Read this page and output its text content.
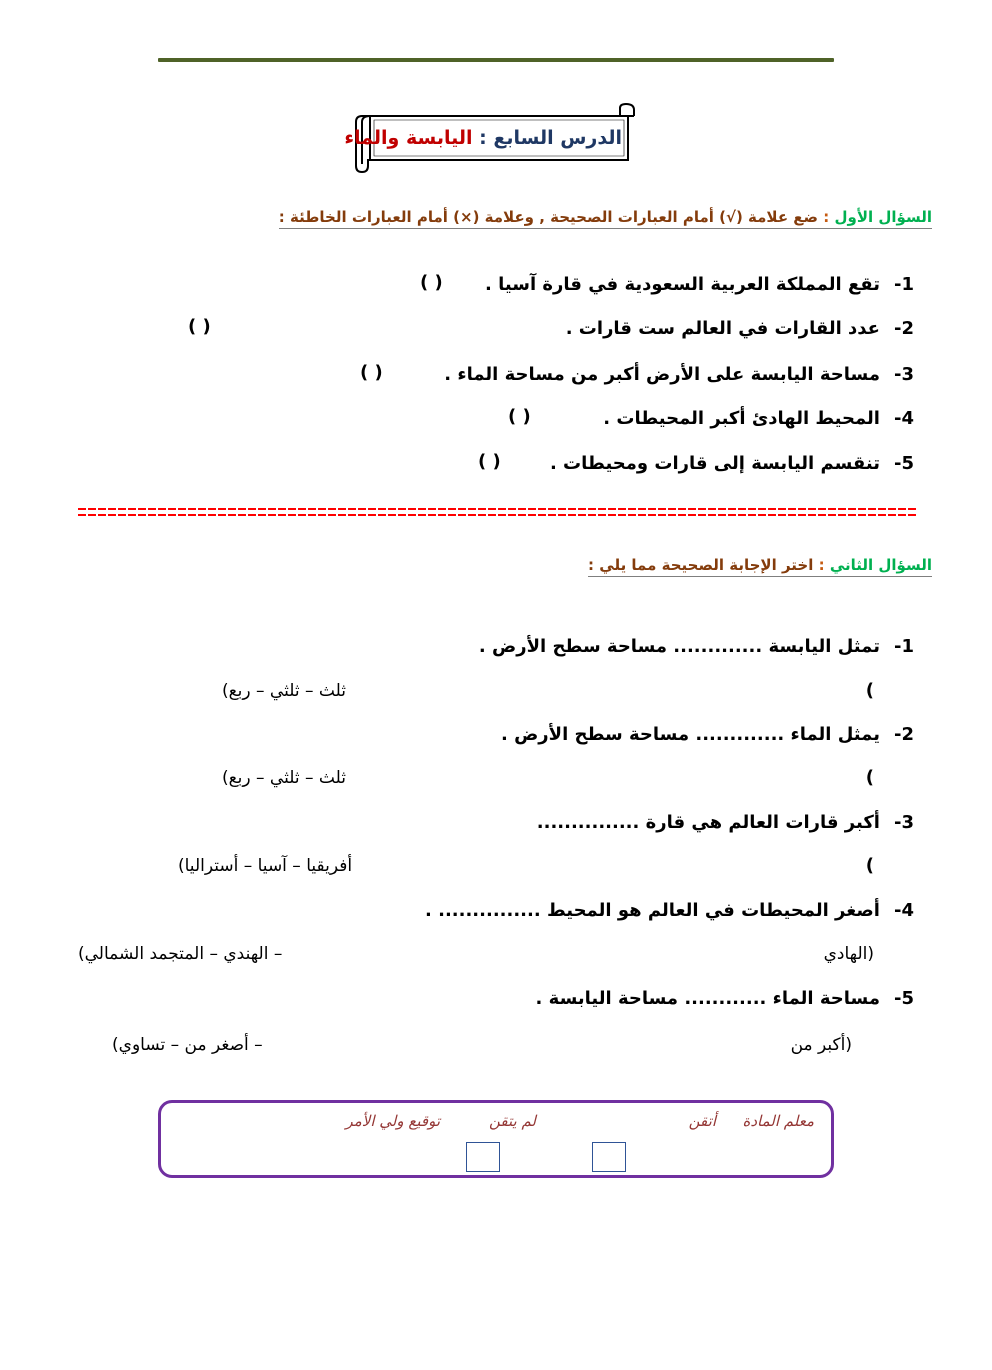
الدرس السابع : اليابسة والماء
السؤال الأول : ضع علامة (√) أمام العبارات الصحيحة , وعلامة (×) أمام العبارات الخاطئة :
1-تقع المملكة العربية السعودية في قارة آسيا .
( )
2-عدد القارات في العالم ست قارات .
( )
3-مساحة اليابسة على الأرض أكبر من مساحة الماء .
( )
4-المحيط الهادئ أكبر المحيطات .
( )
5-تنقسم اليابسة إلى قارات ومحيطات .
( )
السؤال الثاني : اختر الإجابة الصحيحة مما يلي :
1-تمثل اليابسة ............. مساحة سطح الأرض .
(
ثلث – ثلثي – ربع)
2-يمثل الماء ............. مساحة سطح الأرض .
(
ثلث – ثلثي – ربع)
3-أكبر قارات العالم هي قارة ...............
(
أفريقيا – آسيا – أستراليا)
4-أصغر المحيطات في العالم هو المحيط ............... .
(الهادي
– الهندي – المتجمد الشمالي)
5-مساحة الماء ............ مساحة اليابسة .
(أكبر من
– أصغر من – تساوي)
معلم المادة
أتقن
لم يتقن
توقيع ولي الأمر
